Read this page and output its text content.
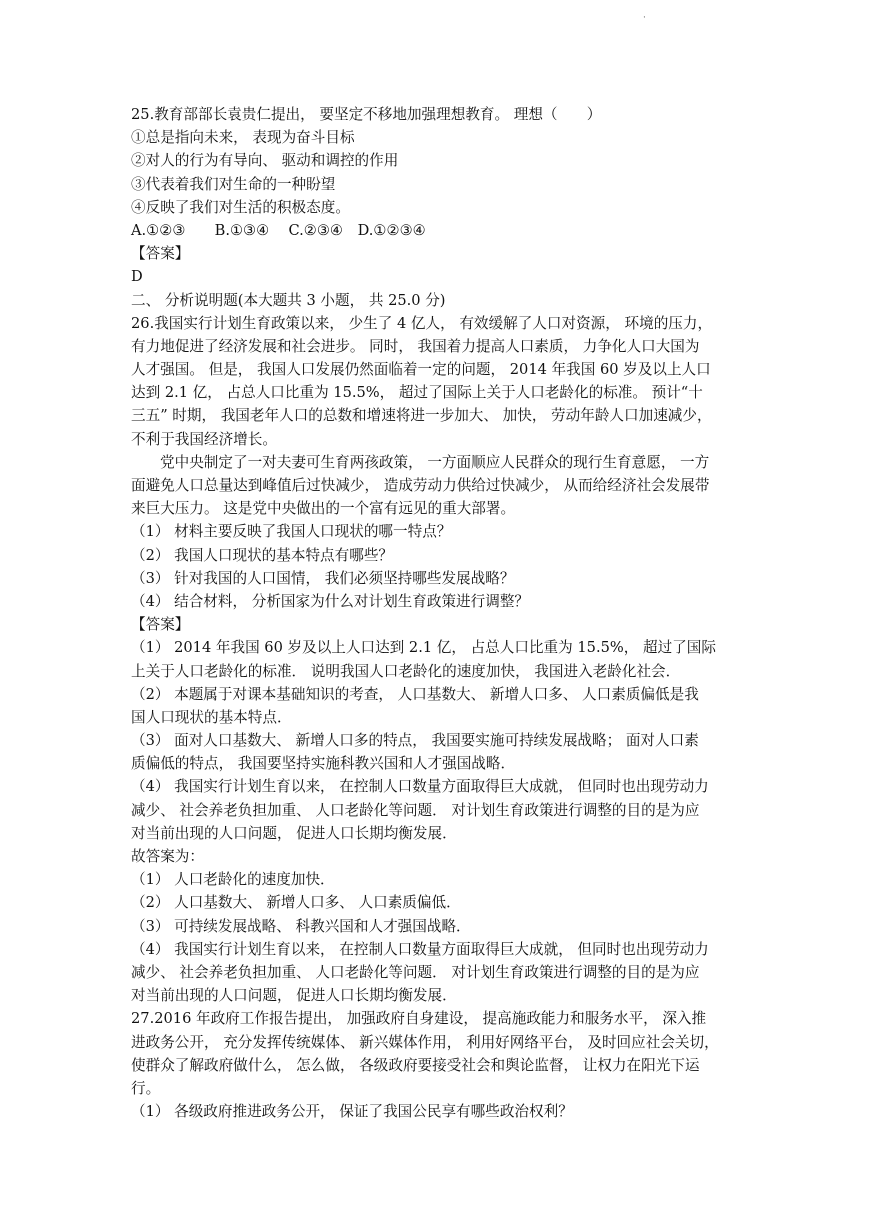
·
25.教育部部长袁贵仁提出， 要坚定不移地加强理想教育。 理想（　　）
①总是指向未来， 表现为奋斗目标
②对人的行为有导向、 驱动和调控的作用
③代表着我们对生命的一种盼望
④反映了我们对生活的积极态度。
A.①②③　　B.①③④　 C.②③④　D.①②③④
【答案】
D
二、 分析说明题(本大题共 3 小题， 共 25.0 分)
26.我国实行计划生育政策以来， 少生了 4 亿人， 有效缓解了人口对资源， 环境的压力，
有力地促进了经济发展和社会进步。 同时， 我国着力提高人口素质， 力争化人口大国为
人才强国。 但是， 我国人口发展仍然面临着一定的问题， 2014 年我国 60 岁及以上人口
达到 2.1 亿， 占总人口比重为 15.5%， 超过了国际上关于人口老龄化的标准。 预计“十
三五” 时期， 我国老年人口的总数和增速将进一步加大、 加快， 劳动年龄人口加速减少，
不利于我国经济增长。
党中央制定了一对夫妻可生育两孩政策， 一方面顺应人民群众的现行生育意愿， 一方
面避免人口总量达到峰值后过快减少， 造成劳动力供给过快减少， 从而给经济社会发展带
来巨大压力。 这是党中央做出的一个富有远见的重大部署。
（1） 材料主要反映了我国人口现状的哪一特点？
（2） 我国人口现状的基本特点有哪些？
（3） 针对我国的人口国情， 我们必须坚持哪些发展战略？
（4） 结合材料， 分析国家为什么对计划生育政策进行调整？
【答案】
（1） 2014 年我国 60 岁及以上人口达到 2.1 亿， 占总人口比重为 15.5%， 超过了国际
上关于人口老龄化的标准． 说明我国人口老龄化的速度加快， 我国进入老龄化社会．
（2） 本题属于对课本基础知识的考查， 人口基数大、 新增人口多、 人口素质偏低是我
国人口现状的基本特点．
（3） 面对人口基数大、 新增人口多的特点， 我国要实施可持续发展战略； 面对人口素
质偏低的特点， 我国要坚持实施科教兴国和人才强国战略．
（4） 我国实行计划生育以来， 在控制人口数量方面取得巨大成就， 但同时也出现劳动力
减少、 社会养老负担加重、 人口老龄化等问题． 对计划生育政策进行调整的目的是为应
对当前出现的人口问题， 促进人口长期均衡发展．
故答案为：
（1） 人口老龄化的速度加快．
（2） 人口基数大、 新增人口多、 人口素质偏低．
（3） 可持续发展战略、 科教兴国和人才强国战略．
（4） 我国实行计划生育以来， 在控制人口数量方面取得巨大成就， 但同时也出现劳动力
减少、 社会养老负担加重、 人口老龄化等问题． 对计划生育政策进行调整的目的是为应
对当前出现的人口问题， 促进人口长期均衡发展．
27.2016 年政府工作报告提出， 加强政府自身建设， 提高施政能力和服务水平， 深入推
进政务公开， 充分发挥传统媒体、 新兴媒体作用， 利用好网络平台， 及时回应社会关切，
使群众了解政府做什么， 怎么做， 各级政府要接受社会和舆论监督， 让权力在阳光下运
行。
（1） 各级政府推进政务公开， 保证了我国公民享有哪些政治权利？
